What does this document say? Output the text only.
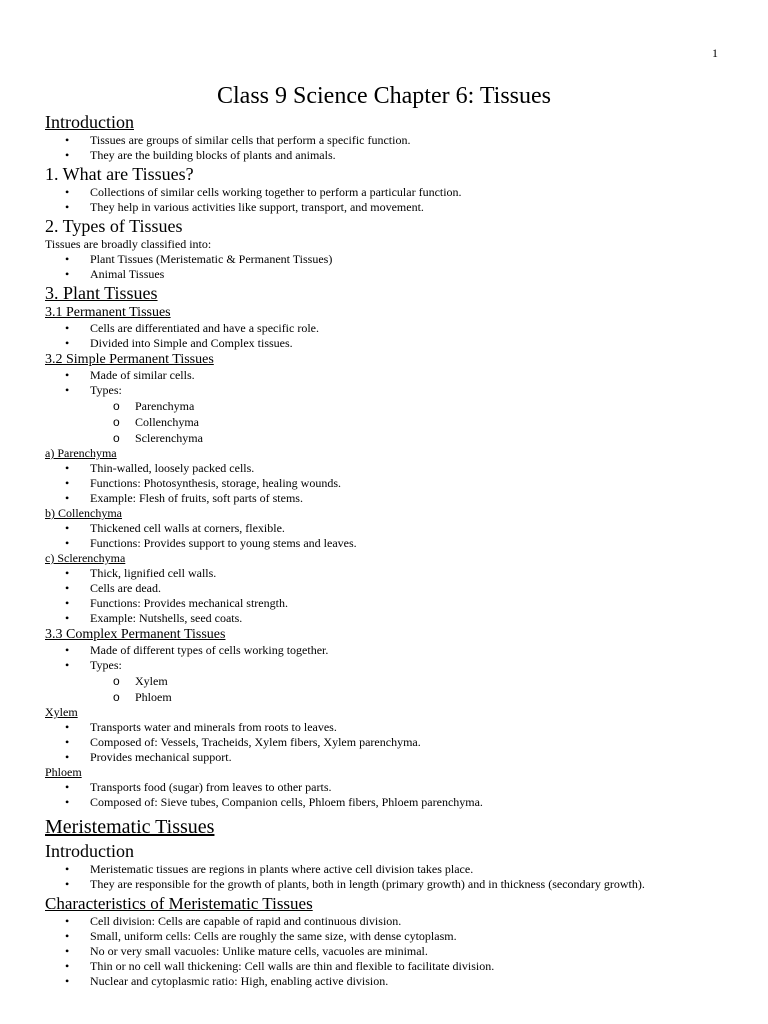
1
Class 9 Science Chapter 6: Tissues
Introduction
• Tissues are groups of similar cells that perform a specific function.
• They are the building blocks of plants and animals.
1. What are Tissues?
• Collections of similar cells working together to perform a particular function.
• They help in various activities like support, transport, and movement.
2. Types of Tissues
Tissues are broadly classified into:
• Plant Tissues (Meristematic & Permanent Tissues)
• Animal Tissues
3. Plant Tissues
3.1 Permanent Tissues
• Cells are differentiated and have a specific role.
• Divided into Simple and Complex tissues.
3.2 Simple Permanent Tissues
• Made of similar cells.
• Types:
o Parenchyma
o Collenchyma
o Sclerenchyma
a) Parenchyma
• Thin-walled, loosely packed cells.
• Functions: Photosynthesis, storage, healing wounds.
• Example: Flesh of fruits, soft parts of stems.
b) Collenchyma
• Thickened cell walls at corners, flexible.
• Functions: Provides support to young stems and leaves.
c) Sclerenchyma
• Thick, lignified cell walls.
• Cells are dead.
• Functions: Provides mechanical strength.
• Example: Nutshells, seed coats.
3.3 Complex Permanent Tissues
• Made of different types of cells working together.
• Types:
o Xylem
o Phloem
Xylem
• Transports water and minerals from roots to leaves.
• Composed of: Vessels, Tracheids, Xylem fibers, Xylem parenchyma.
• Provides mechanical support.
Phloem
• Transports food (sugar) from leaves to other parts.
• Composed of: Sieve tubes, Companion cells, Phloem fibers, Phloem parenchyma.
Meristematic Tissues
Introduction
• Meristematic tissues are regions in plants where active cell division takes place.
• They are responsible for the growth of plants, both in length (primary growth) and in thickness (secondary growth).
Characteristics of Meristematic Tissues
• Cell division: Cells are capable of rapid and continuous division.
• Small, uniform cells: Cells are roughly the same size, with dense cytoplasm.
• No or very small vacuoles: Unlike mature cells, vacuoles are minimal.
• Thin or no cell wall thickening: Cell walls are thin and flexible to facilitate division.
• Nuclear and cytoplasmic ratio: High, enabling active division.
